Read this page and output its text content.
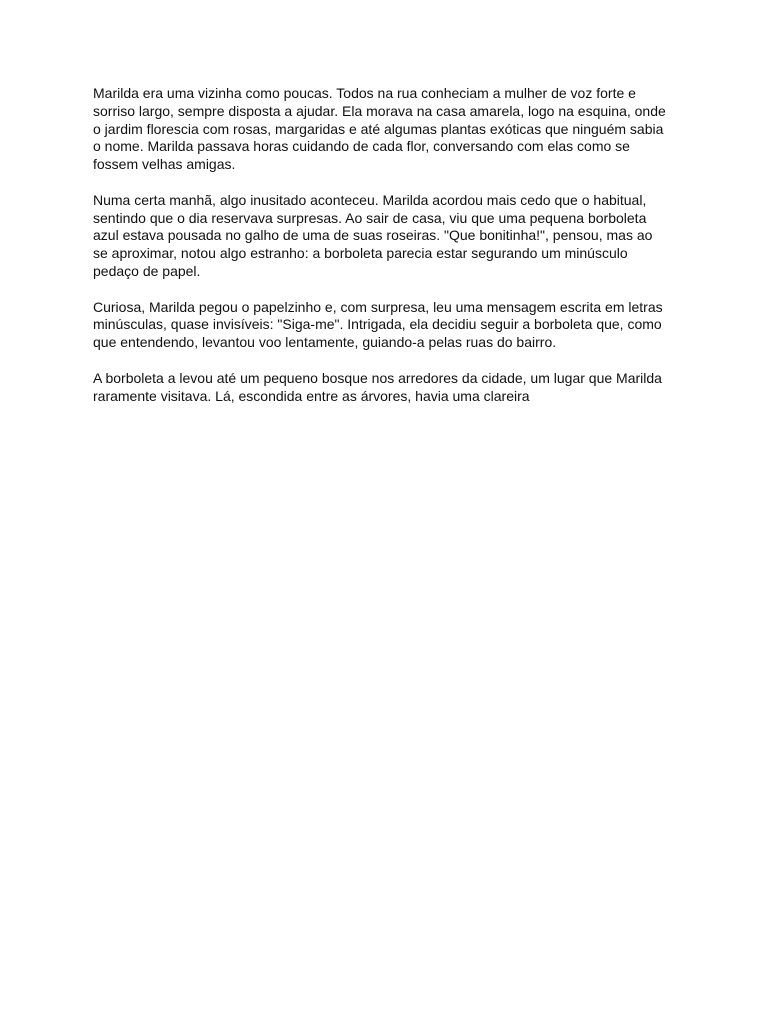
Marilda era uma vizinha como poucas. Todos na rua conheciam a mulher de voz forte e
sorriso largo, sempre disposta a ajudar. Ela morava na casa amarela, logo na esquina, onde
o jardim florescia com rosas, margaridas e até algumas plantas exóticas que ninguém sabia
o nome. Marilda passava horas cuidando de cada flor, conversando com elas como se
fossem velhas amigas.

Numa certa manhã, algo inusitado aconteceu. Marilda acordou mais cedo que o habitual,
sentindo que o dia reservava surpresas. Ao sair de casa, viu que uma pequena borboleta
azul estava pousada no galho de uma de suas roseiras. "Que bonitinha!", pensou, mas ao
se aproximar, notou algo estranho: a borboleta parecia estar segurando um minúsculo
pedaço de papel.

Curiosa, Marilda pegou o papelzinho e, com surpresa, leu uma mensagem escrita em letras
minúsculas, quase invisíveis: "Siga-me". Intrigada, ela decidiu seguir a borboleta que, como
que entendendo, levantou voo lentamente, guiando-a pelas ruas do bairro.

A borboleta a levou até um pequeno bosque nos arredores da cidade, um lugar que Marilda
raramente visitava. Lá, escondida entre as árvores, havia uma clareira
